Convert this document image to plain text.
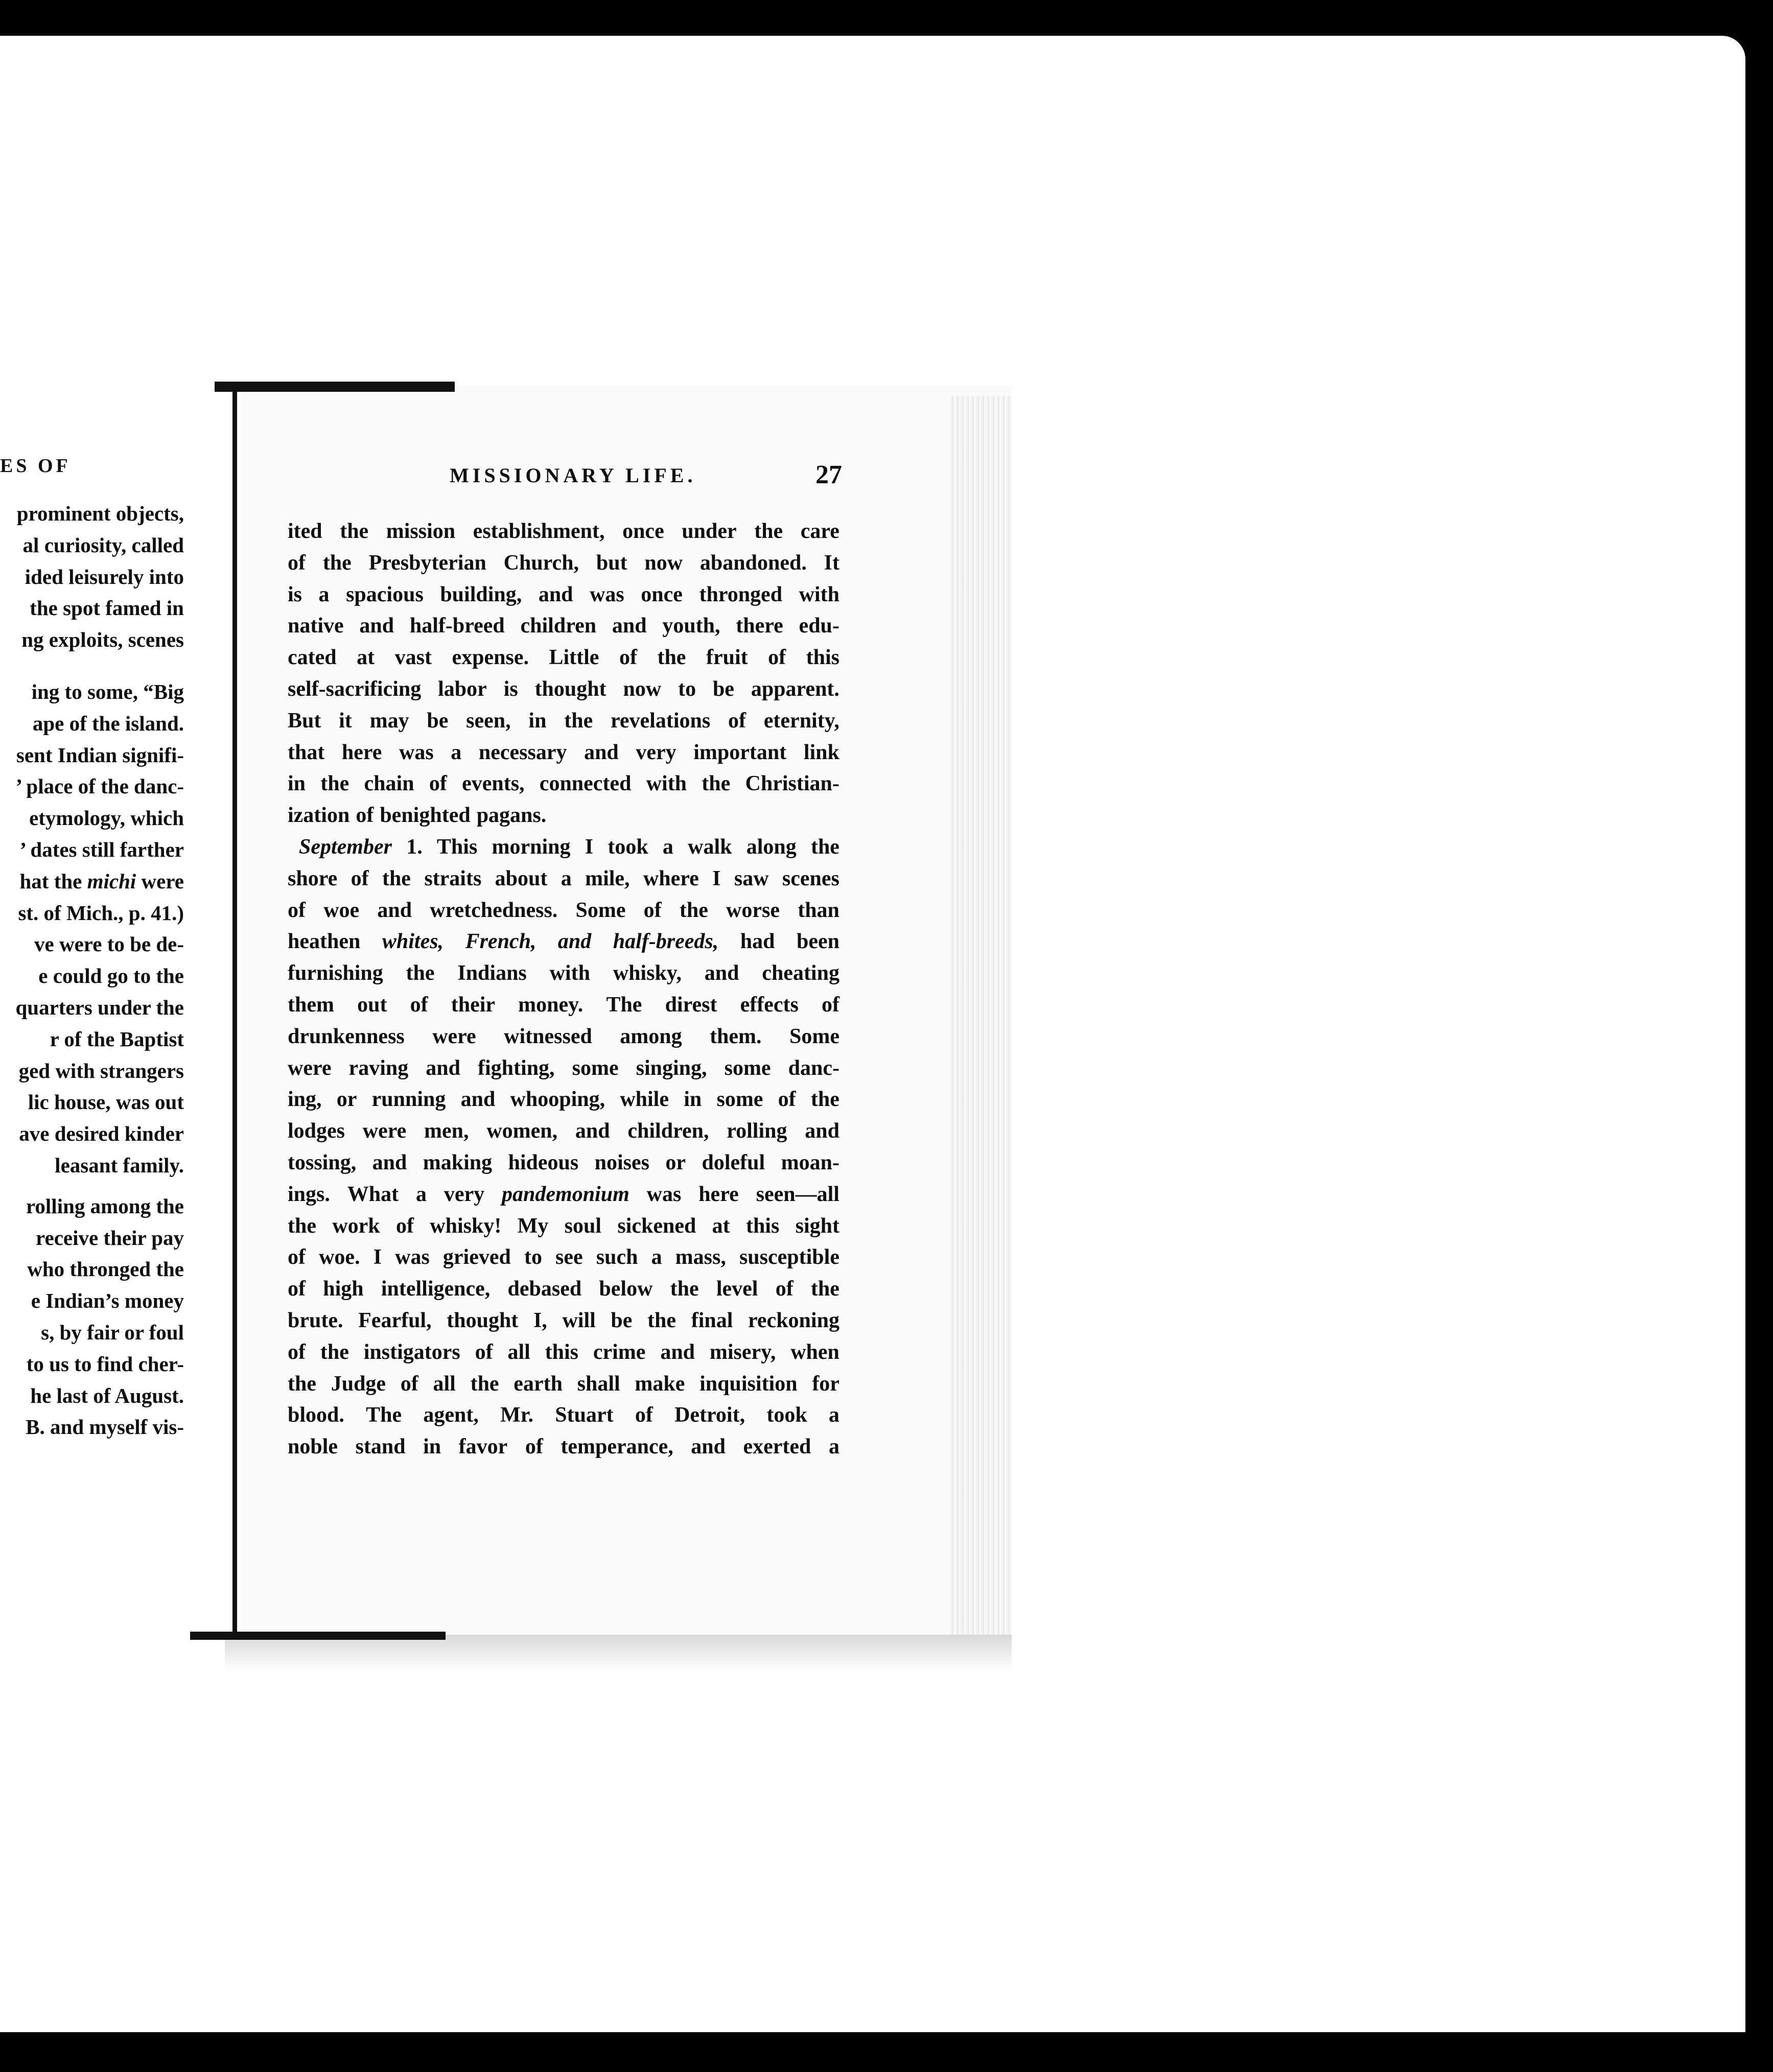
ES OF
prominent objects,
al curiosity, called
ided leisurely into
the spot famed in
ng exploits, scenes
ing to some, “Big
ape of the island.
sent Indian signifi-
’ place of the danc-
etymology, which
’ dates still farther
hat the michi were
st. of Mich., p. 41.)
ve were to be de-
e could go to the
quarters under the
r of the Baptist
ged with strangers
lic house, was out
ave desired kinder
leasant family.
rolling among the
receive their pay
who thronged the
e Indian’s money
s, by fair or foul
to us to find cher-
he last of August.
B. and myself vis-
MISSIONARY LIFE.	27
ited the mission establishment, once under the care
of the Presbyterian Church, but now abandoned. It
is a spacious building, and was once thronged with
native and half-breed children and youth, there edu-
cated at vast expense. Little of the fruit of this
self-sacrificing labor is thought now to be apparent.
But it may be seen, in the revelations of eternity,
that here was a necessary and very important link
in the chain of events, connected with the Christian-
ization of benighted pagans.
September 1. This morning I took a walk along the
shore of the straits about a mile, where I saw scenes
of woe and wretchedness. Some of the worse than
heathen whites, French, and half-breeds, had been
furnishing the Indians with whisky, and cheating
them out of their money. The direst effects of
drunkenness were witnessed among them. Some
were raving and fighting, some singing, some danc-
ing, or running and whooping, while in some of the
lodges were men, women, and children, rolling and
tossing, and making hideous noises or doleful moan-
ings. What a very pandemonium was here seen—all
the work of whisky! My soul sickened at this sight
of woe. I was grieved to see such a mass, susceptible
of high intelligence, debased below the level of the
brute. Fearful, thought I, will be the final reckoning
of the instigators of all this crime and misery, when
the Judge of all the earth shall make inquisition for
blood. The agent, Mr. Stuart of Detroit, took a
noble stand in favor of temperance, and exerted a
